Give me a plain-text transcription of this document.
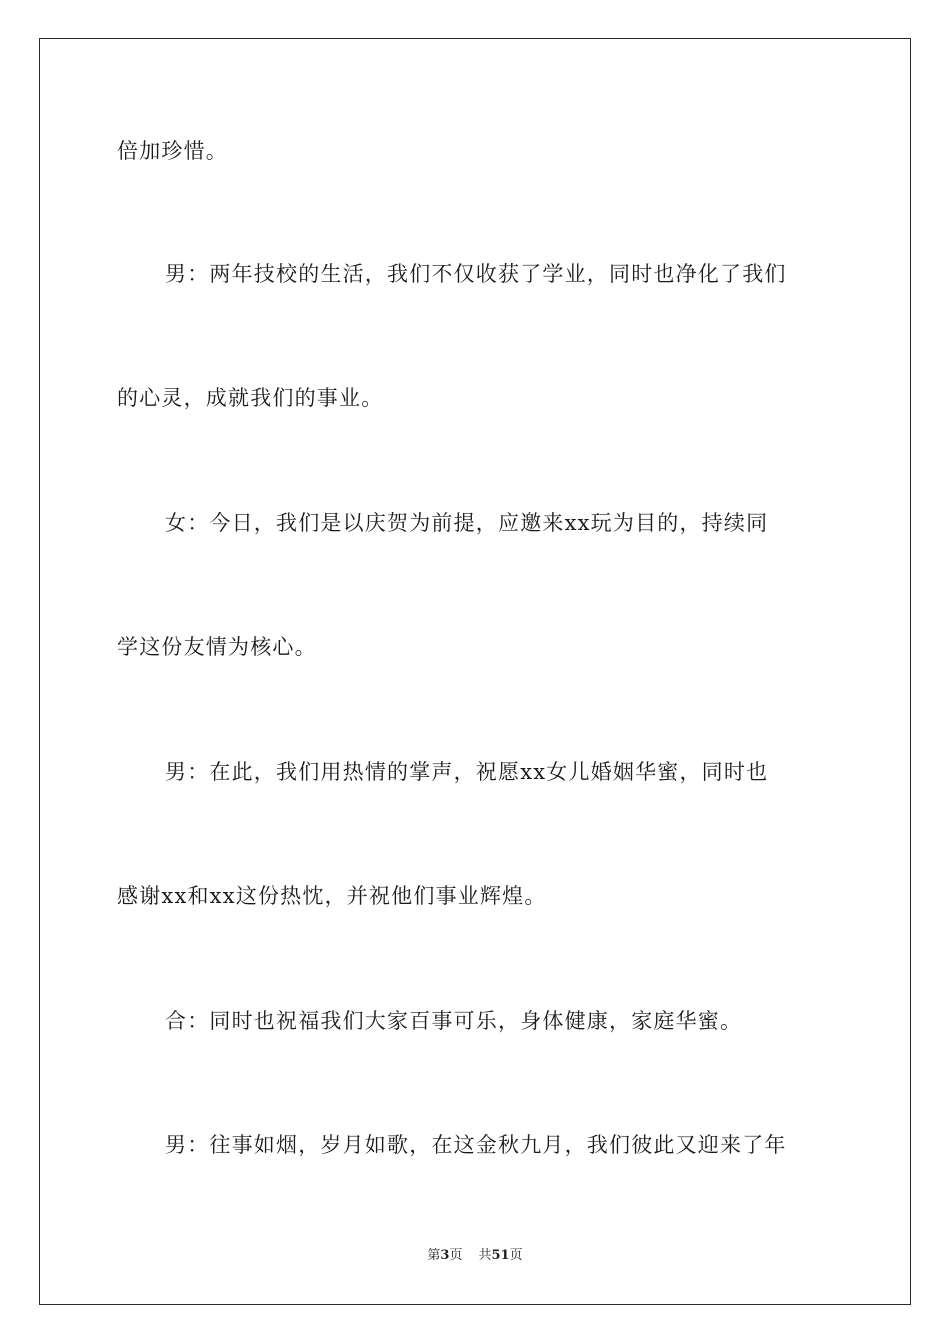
倍加珍惜。
男：两年技校的生活，我们不仅收获了学业，同时也净化了我们
的心灵，成就我们的事业。
女：今日，我们是以庆贺为前提，应邀来xx玩为目的，持续同
学这份友情为核心。
男：在此，我们用热情的掌声，祝愿xx女儿婚姻华蜜，同时也
感谢xx和xx这份热忱，并祝他们事业辉煌。
合：同时也祝福我们大家百事可乐，身体健康，家庭华蜜。
男：往事如烟，岁月如歌，在这金秋九月，我们彼此又迎来了年
第3页 共51页
